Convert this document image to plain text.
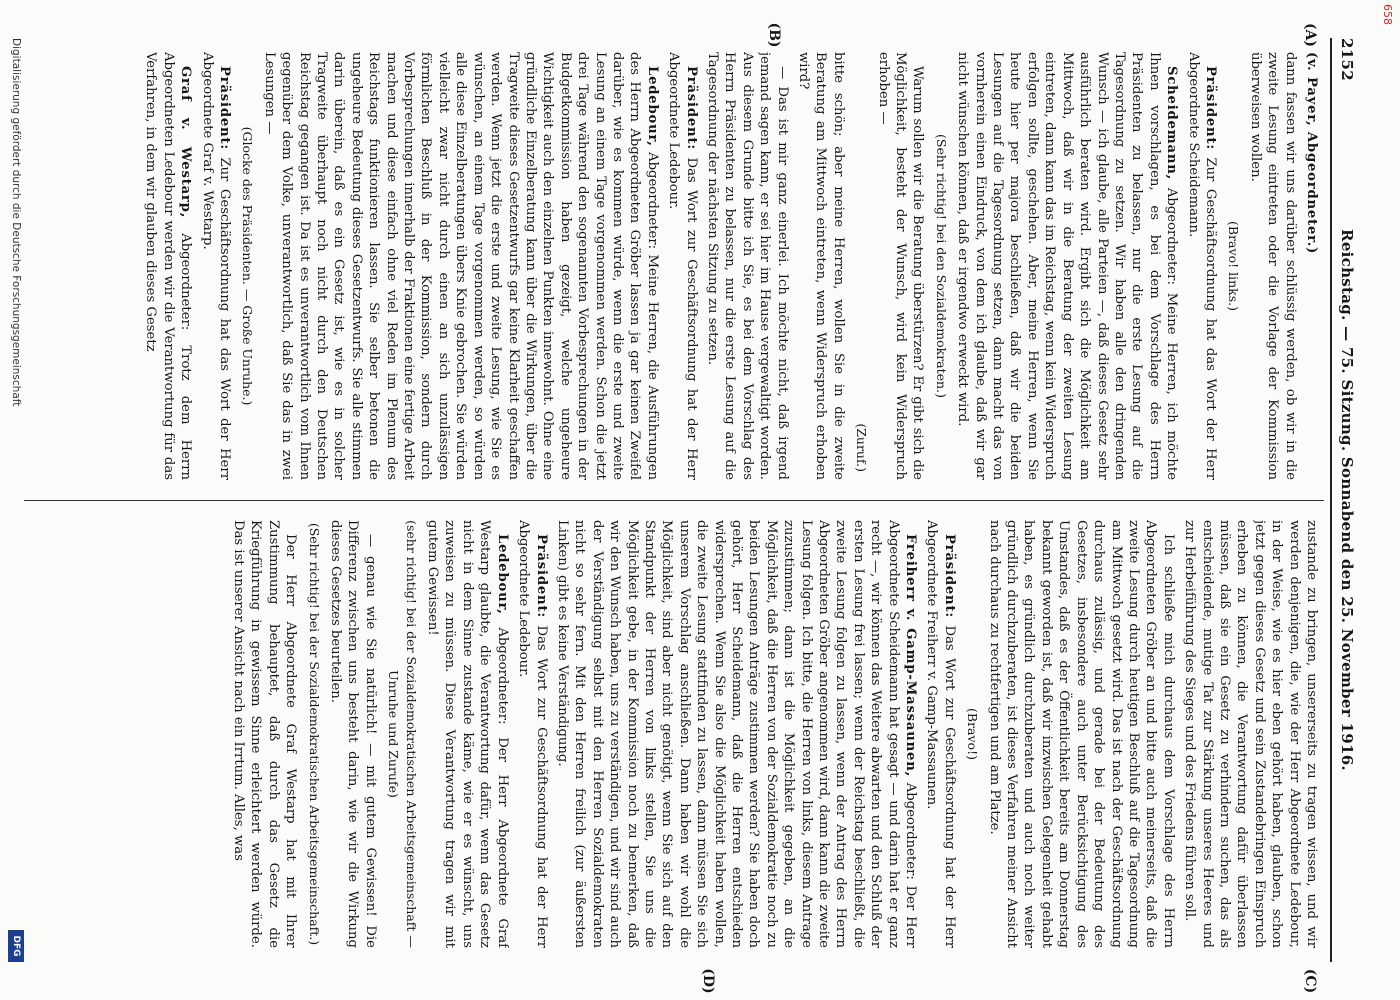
2152
Reichstag. — 75. Sitzung. Sonnabend den 25. November 1916.
(A)
(B)
(C)
(D)

(v. Payer, Abgeordneter.)

dann fassen wir uns darüber schlüssig werden, ob wir in die zweite Lesung eintreten oder die Vorlage der Kommission überweisen wollen.

(Bravo! links.)

Präsident: Zur Geschäftsordnung hat das Wort der Herr Abgeordnete Scheidemann.

Scheidemann, Abgeordneter: Meine Herren, ich möchte Ihnen vorschlagen, es bei dem Vorschlage des Herrn Präsidenten zu belassen, nur die erste Lesung auf die Tagesordnung zu setzen. Wir haben alle den dringenden Wunsch — ich glaube, alle Parteien —, daß dieses Gesetz sehr ausführlich beraten wird. Ergibt sich die Möglichkeit am Mittwoch, daß wir in die Beratung der zweiten Lesung eintreten, dann kann das im Reichstag, wenn kein Widerspruch erfolgen sollte, geschehen. Aber, meine Herren, wenn Sie heute hier per majora beschließen, daß wir die beiden Lesungen auf die Tagesordnung setzen, dann macht das von vornherein einen Eindruck, von dem ich glaube, daß wir gar nicht wünschen können, daß er irgendwo erweckt wird.

(Sehr richtig! bei den Sozialdemokraten.)

Warum sollen wir die Beratung überstürzen? Er gibt sich die Möglichkeit, besteht der Wunsch, wird kein Widerspruch erhoben —

(Zuruf.)

bitte schön; aber meine Herren, wollen Sie in die zweite Beratung am Mittwoch eintreten, wenn Widerspruch erhoben wird?

— Das ist mir ganz einerlei. Ich möchte nicht, daß irgend jemand sagen kann, er sei hier im Hause vergewaltigt worden. Aus diesem Grunde bitte ich Sie, es bei dem Vorschlag des Herrn Präsidenten zu belassen, nur die erste Lesung auf die Tagesordnung der nächsten Sitzung zu setzen.

Präsident: Das Wort zur Geschäftsordnung hat der Herr Abgeordnete Ledebour.

Ledebour, Abgeordneter: Meine Herren, die Ausführungen des Herrn Abgeordneten Gröber lassen ja gar keinen Zweifel darüber, wie es kommen würde, wenn die erste und zweite Lesung an einem Tage vorgenommen werden. Schon die jetzt drei Tage während den sogenannten Vorbesprechungen in der Budgetkommission haben gezeigt, welche ungeheure Wichtigkeit auch den einzelnen Punkten innewohnt. Ohne eine gründliche Einzelberatung kann über die Wirkungen, über die Tragweite dieses Gesetzentwurfs gar keine Klarheit geschaffen werden. Wenn jetzt die erste und zweite Lesung, wie Sie es wünschen, an einem Tage vorgenommen werden, so würden alle diese Einzelberatungen übers Knie gebrochen. Sie würden vielleicht zwar nicht durch einen an sich unzulässigen förmlichen Beschluß in der Kommission, sondern durch Vorbesprechungen innerhalb der Fraktionen eine fertige Arbeit machen und diese einfach ohne viel Reden im Plenum des Reichstags funktionieren lassen. Sie selber betonen die ungeheure Bedeutung dieses Gesetzentwurfs. Sie alle stimmen darin überein, daß es ein Gesetz ist, wie es in solcher Tragweite überhaupt noch nicht durch den Deutschen Reichstag gegangen ist. Da ist es unverantwortlich vom Ihnen gegenüber dem Volke, unverantwortlich, daß Sie das in zwei Lesungen —

(Glocke des Präsidenten. — Große Unruhe.)

Präsident: Zur Geschäftsordnung hat das Wort der Herr Abgeordnete Graf v. Westarp.

Graf v. Westarp, Abgeordneter: Trotz dem Herrn Abgeordneten Ledebour werden wir die Verantwortung für das Verfahren, in dem wir glauben dieses Gesetz

zustande zu bringen, unsererseits zu tragen wissen, und wir werden denjenigen, die, wie der Herr Abgeordnete Ledebour, in der Weise, wie es hier eben gehört haben, glauben, schon jetzt gegen dieses Gesetz und sein Zustandebringen Einspruch erheben zu können, die Verantwortung dafür überlassen müssen, daß sie ein Gesetz zu verhindern suchen, das als entscheidende, mutige Tat zur Stärkung unseres Heeres und zur Herbeiführung des Sieges und des Friedens führen soll.

Ich schließe mich durchaus dem Vorschlage des Herrn Abgeordneten Gröber an und bitte auch meinerseits, daß die zweite Lesung durch heutigen Beschluß auf die Tagesordnung am Mittwoch gesetzt wird. Das ist nach der Geschäftsordnung durchaus zulässig, und gerade bei der Bedeutung des Gesetzes, insbesondere auch unter Berücksichtigung des Umstandes, daß es der Öffentlichkeit bereits am Donnerstag bekannt geworden ist, daß wir inzwischen Gelegenheit gehabt haben, es gründlich durchzuberaten und auch noch weiter gründlich durchzuberaten, ist dieses Verfahren meiner Ansicht nach durchaus zu rechtfertigen und am Platze.

(Bravo!)

Präsident: Das Wort zur Geschäftsordnung hat der Herr Abgeordnete Freiherr v. Gamp-Massaunen.

Freiherr v. Gamp-Massaunen, Abgeordneter: Der Herr Abgeordnete Scheidemann hat gesagt — und darin hat er ganz recht —, wir können das Weitere abwarten und den Schluß der ersten Lesung frei lassen; wenn der Reichstag beschließt, die zweite Lesung folgen zu lassen, wenn der Antrag des Herrn Abgeordneten Gröber angenommen wird, dann kann die zweite Lesung folgen. Ich bitte, die Herren von links, diesem Antrage zuzustimmen; dann ist die Möglichkeit gegeben, an die Möglichkeit, daß die Herren von der Sozialdemokratie noch zu beiden Lesungen Anträge zustimmen werden? Sie haben doch gehört, Herr Scheidemann, daß die Herren entschieden widersprechen. Wenn Sie also die Möglichkeit haben wollen, die zweite Lesung stattfinden zu lassen, dann müssen Sie sich unserem Vorschlag anschließen. Dann haben wir wohl die Möglichkeit, sind aber nicht genötigt, wenn Sie sich auf den Standpunkt der Herren von links stellen, Sie uns die Möglichkeit gebe, in der Kommission noch zu bemerken, daß wir den Wunsch haben, uns zu verständigen, und wir sind auch der Verständigung selbst mit den Herren Sozialdemokraten nicht so sehr fern. Mit den Herren freilich (zur äußersten Linken) gibt es keine Verständigung.

Präsident: Das Wort zur Geschäftsordnung hat der Herr Abgeordnete Ledebour.

Ledebour, Abgeordneter: Der Herr Abgeordnete Graf Westarp glaubte, die Verantwortung dafür, wenn das Gesetz nicht in dem Sinne zustande käme, wie er es wünscht, uns zuweisen zu müssen. Diese Verantwortung tragen wir mit gutem Gewissen!

(sehr richtig! bei der Sozialdemokratischen Arbeitsgemeinschaft — Unruhe und Zurufe)

— genau wie Sie natürlich! — mit gutem Gewissen! Die Differenz zwischen uns besteht darin, wie wir die Wirkung dieses Gesetzes beurteilen.

(Sehr richtig! bei der Sozialdemokratischen Arbeitsgemeinschaft.)

Der Herr Abgeordnete Graf Westarp hat mit Ihrer Zustimmung behauptet, daß durch das Gesetz die Kriegführung in gewissem Sinne erleichtert werden würde. Das ist unserer Ansicht nach ein Irrtum. Alles, was

Digitalisierung gefördert durch die Deutsche Forschungsgemeinschaft
DFG
658
